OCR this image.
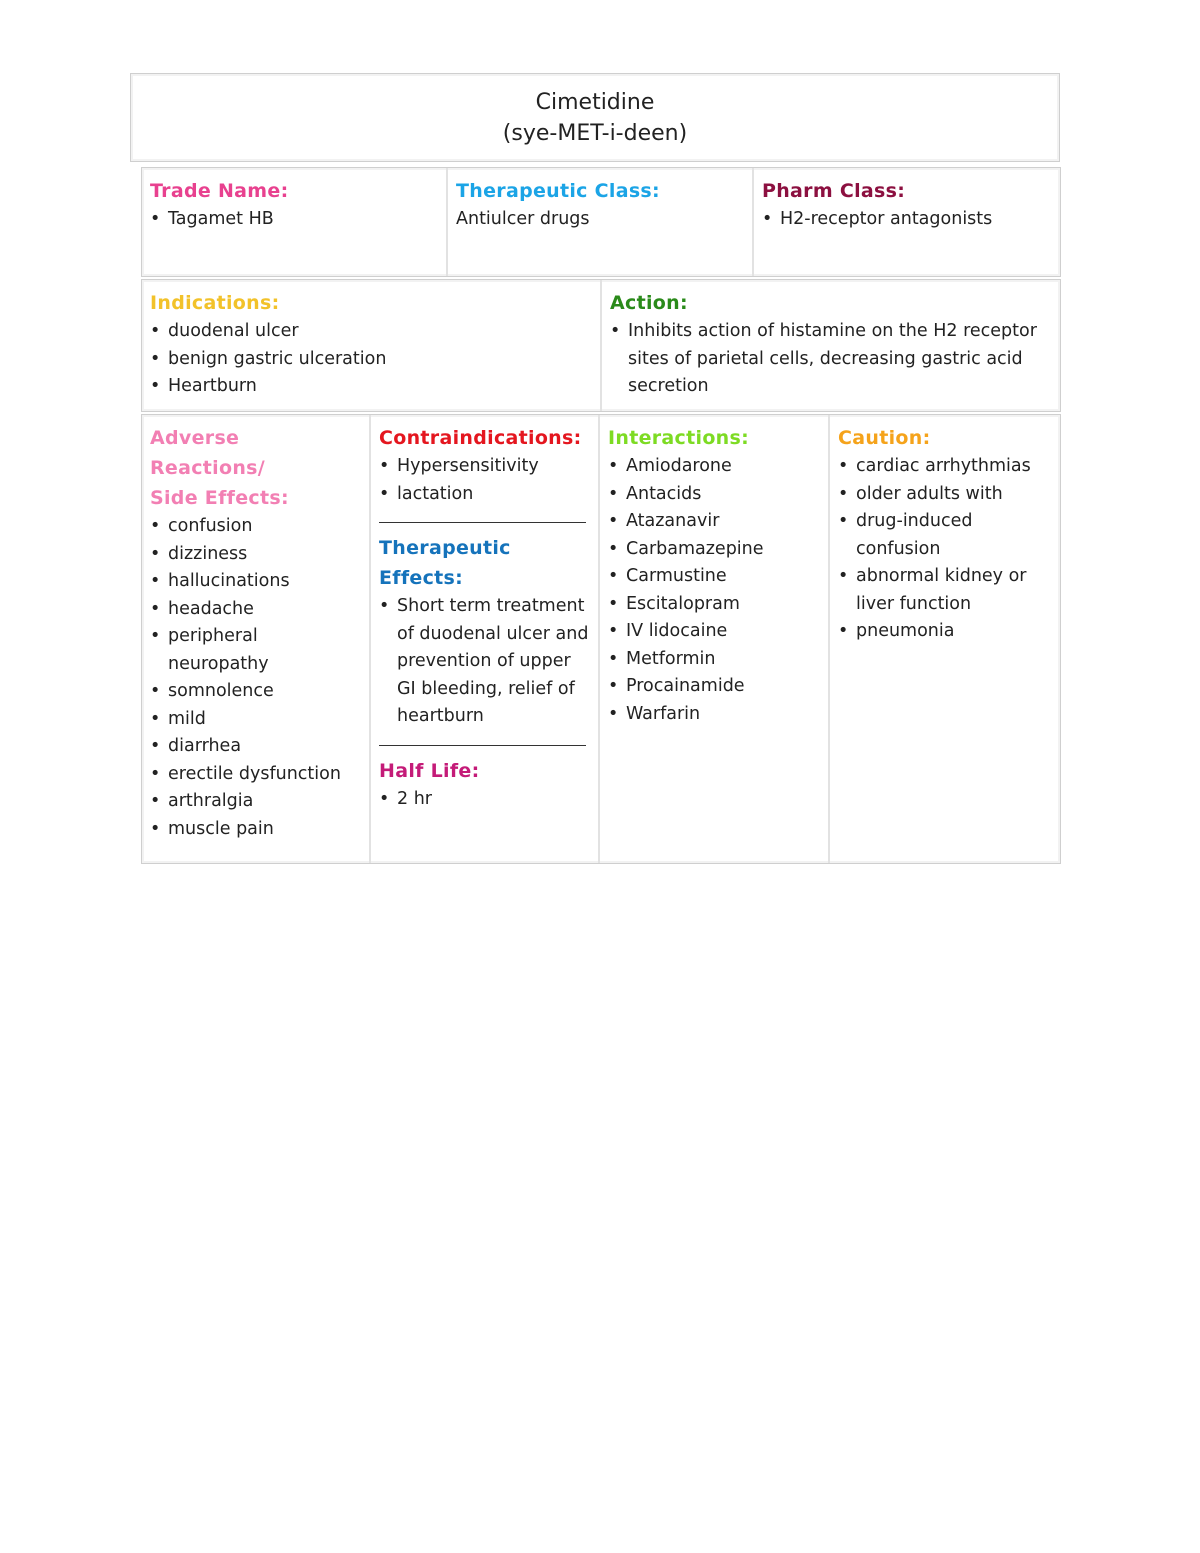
Cimetidine
(sye-MET-i-deen)
Trade Name:
• Tagamet HB
Therapeutic Class:
Antiulcer drugs
Pharm Class:
• H2-receptor antagonists
Indications:
• duodenal ulcer
• benign gastric ulceration
• Heartburn
Action:
• Inhibits action of histamine on the H2 receptor sites of parietal cells, decreasing gastric acid secretion
Adverse Reactions/
Side Effects:
• confusion
• dizziness
• hallucinations
• headache
• peripheral neuropathy
• somnolence
• mild
• diarrhea
• erectile dysfunction
• arthralgia
• muscle pain
Contraindications:
• Hypersensitivity
• lactation
Therapeutic Effects:
• Short term treatment of duodenal ulcer and prevention of upper GI bleeding, relief of heartburn
Half Life:
• 2 hr
Interactions:
• Amiodarone
• Antacids
• Atazanavir
• Carbamazepine
• Carmustine
• Escitalopram
• IV lidocaine
• Metformin
• Procainamide
• Warfarin
Caution:
• cardiac arrhythmias
• older adults with
• drug-induced confusion
• abnormal kidney or liver function
• pneumonia
